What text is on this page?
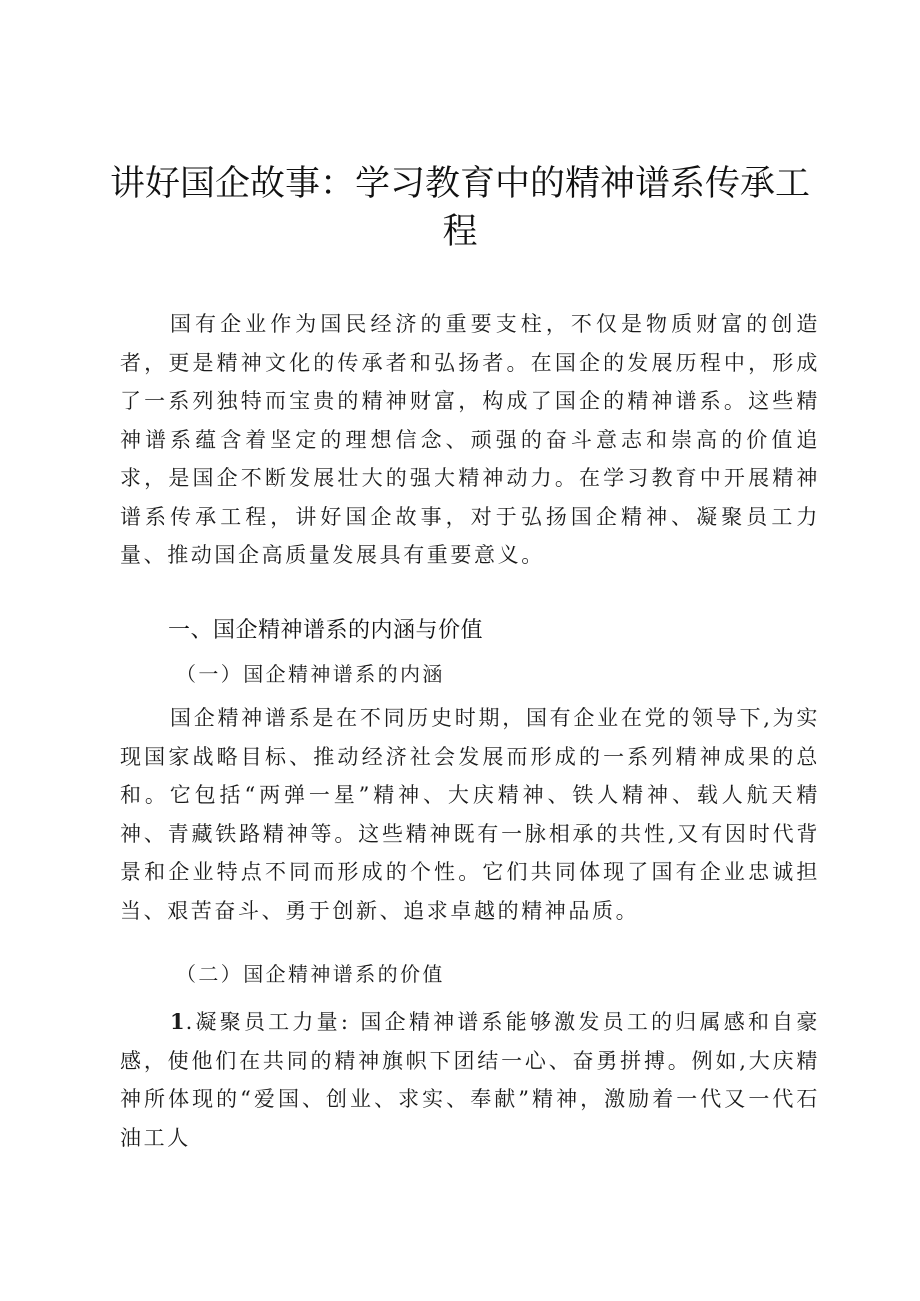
讲好国企故事：学习教育中的精神谱系传承工程

国有企业作为国民经济的重要支柱，不仅是物质财富的创造者，更是精神文化的传承者和弘扬者。在国企的发展历程中，形成了一系列独特而宝贵的精神财富，构成了国企的精神谱系。这些精神谱系蕴含着坚定的理想信念、顽强的奋斗意志和崇高的价值追求，是国企不断发展壮大的强大精神动力。在学习教育中开展精神谱系传承工程，讲好国企故事，对于弘扬国企精神、凝聚员工力量、推动国企高质量发展具有重要意义。

一、国企精神谱系的内涵与价值
（一）国企精神谱系的内涵

国企精神谱系是在不同历史时期，国有企业在党的领导下,为实现国家战略目标、推动经济社会发展而形成的一系列精神成果的总和。它包括“两弹一星”精神、大庆精神、铁人精神、载人航天精神、青藏铁路精神等。这些精神既有一脉相承的共性,又有因时代背景和企业特点不同而形成的个性。它们共同体现了国有企业忠诚担当、艰苦奋斗、勇于创新、追求卓越的精神品质。

（二）国企精神谱系的价值

1.凝聚员工力量: 国企精神谱系能够激发员工的归属感和自豪感，使他们在共同的精神旗帜下团结一心、奋勇拼搏。例如,大庆精神所体现的“爱国、创业、求实、奉献”精神，激励着一代又一代石油工人
